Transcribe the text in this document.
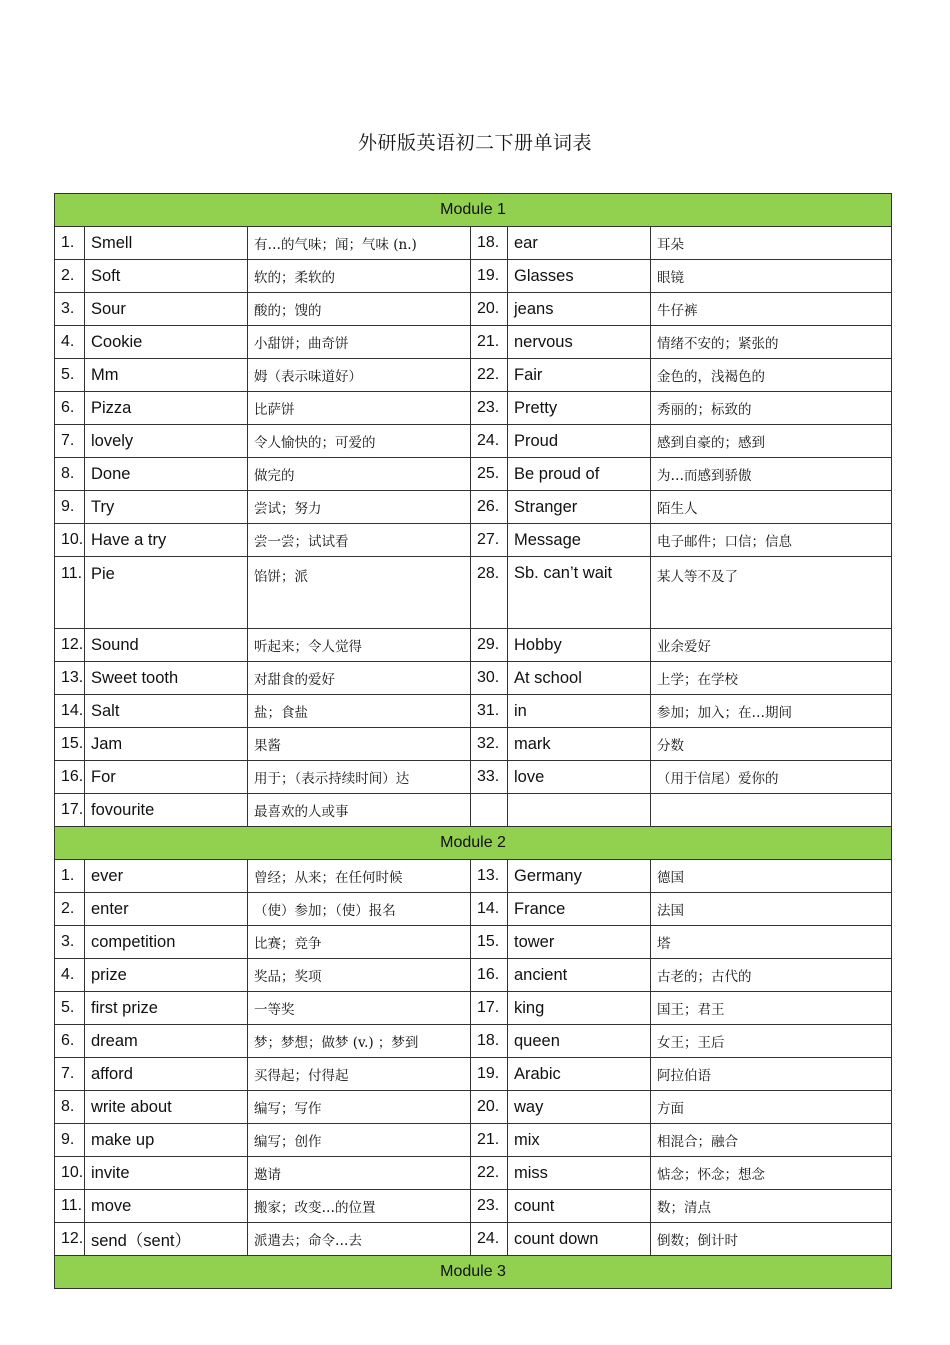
外研版英语初二下册单词表
Module 1					
1.	Smell	有…的气味；闻；气味 (n.)	18.	ear	耳朵
2.	Soft	软的；柔软的	19.	Glasses	眼镜
3.	Sour	酸的；馊的	20.	jeans	牛仔裤
4.	Cookie	小甜饼；曲奇饼	21.	nervous	情绪不安的；紧张的
5.	Mm	姆（表示味道好）	22.	Fair	金色的，浅褐色的
6.	Pizza	比萨饼	23.	Pretty	秀丽的；标致的
7.	lovely	令人愉快的；可爱的	24.	Proud	感到自豪的；感到
8.	Done	做完的	25.	Be proud of	为…而感到骄傲
9.	Try	尝试；努力	26.	Stranger	陌生人
10.	Have a try	尝一尝；试试看	27.	Message	电子邮件；口信；信息
11.	Pie	馅饼；派	28.	Sb. can’t wait	某人等不及了
12.	Sound	听起来；令人觉得	29.	Hobby	业余爱好
13.	Sweet tooth	对甜食的爱好	30.	At school	上学；在学校
14.	Salt	盐；食盐	31.	in	参加；加入；在…期间
15.	Jam	果酱	32.	mark	分数
16.	For	用于；（表示持续时间）达	33.	love	（用于信尾）爱你的
17.	fovourite	最喜欢的人或事			
Module 2					
1.	ever	曾经；从来；在任何时候	13.	Germany	德国
2.	enter	（使）参加；（使）报名	14.	France	法国
3.	competition	比赛；竞争	15.	tower	塔
4.	prize	奖品；奖项	16.	ancient	古老的；古代的
5.	first prize	一等奖	17.	king	国王；君王
6.	dream	梦；梦想；做梦 (v.) ；梦到	18.	queen	女王；王后
7.	afford	买得起；付得起	19.	Arabic	阿拉伯语
8.	write about	编写；写作	20.	way	方面
9.	make up	编写；创作	21.	mix	相混合；融合
10.	invite	邀请	22.	miss	惦念；怀念；想念
11.	move	搬家；改变…的位置	23.	count	数；清点
12.	send（sent）	派遣去；命令…去	24.	count down	倒数；倒计时
Module 3					
